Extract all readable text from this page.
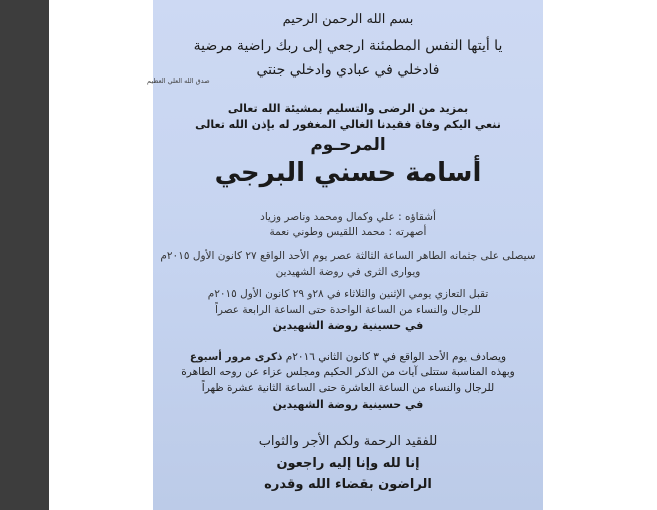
بسم الله الرحمن الرحيم
يا أيتها النفس المطمئنة ارجعي إلى ربك راضية مرضية
فادخلي في عبادي وادخلي جنتي
صدق الله العلي العظيم
بمزيد من الرضى والتسليم بمشيئة الله تعالى
ننعي اليكم وفاة فقيدنا الغالي المغفور له بإذن الله تعالى
المرحـوم
أسامة حسني البرجي
أشقاؤه : علي وكمال ومحمد وناصر وزياد
أصهرته : محمد اللقيس وطوني نعمة
سيصلى على جثمانه الطاهر الساعة الثالثة عصر يوم الأحد الواقع ٢٧ كانون الأول ٢٠١٥م
ويوارى الثرى في روضة الشهيدين
تقبل التعازي يومي الإثنين والثلاثاء في ٢٨و ٢٩ كانون الأول ٢٠١٥م
للرجال والنساء من الساعة الواحدة حتى الساعة الرابعة عصراً
في حسينية روضة الشهيدين
ويصادف يوم الأحد الواقع في ٣ كانون الثاني ٢٠١٦م ذكرى مرور أسبوع
وبهذه المناسبة ستتلى آيات من الذكر الحكيم ومجلس عزاء عن روحه الطاهرة
للرجال والنساء من الساعة العاشرة حتى الساعة الثانية عشرة ظهراً
في حسينية روضة الشهيدين
للفقيد الرحمة ولكم الأجر والثواب
إنا لله وإنا إليه راجعون
الراضون بقضاء الله وقدره
